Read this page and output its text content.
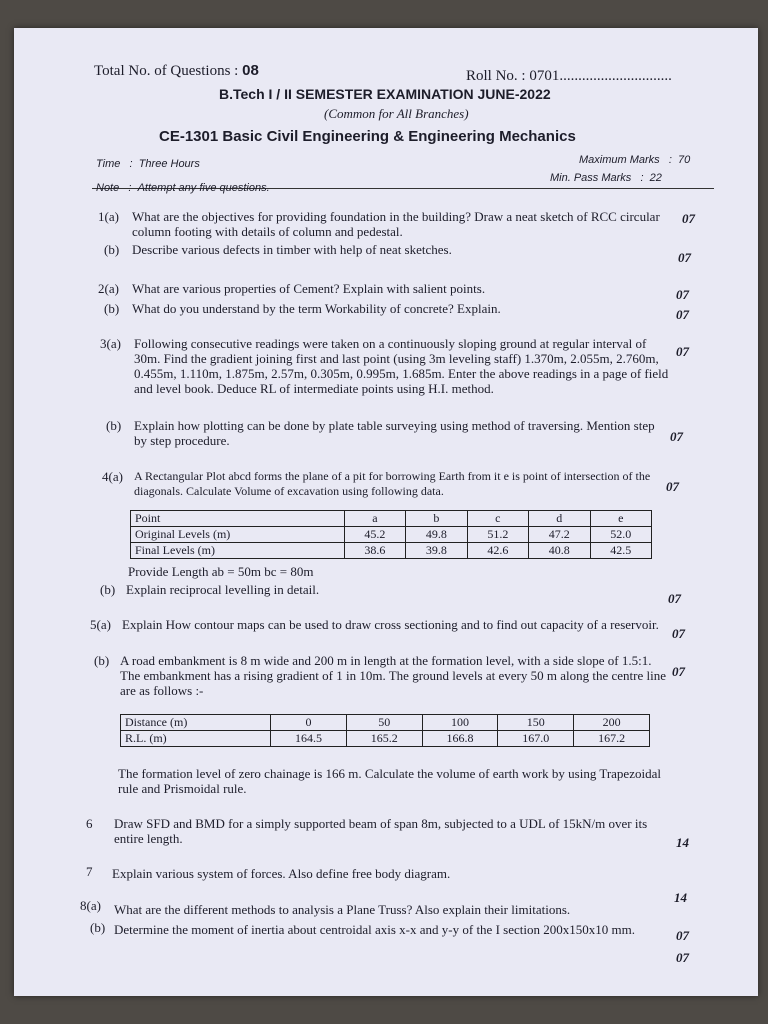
Total No. of Questions : 08	Roll No. : 0701..............................
B.Tech I / II SEMESTER EXAMINATION JUNE-2022
(Common for All Branches)
CE-1301 Basic Civil Engineering & Engineering Mechanics
Time   :  Three Hours	Maximum Marks   :  70
Min. Pass Marks   :  22
Note   :  Attempt any five questions.
1(a) What are the objectives for providing foundation in the building? Draw a neat sketch of RCC circular column footing with details of column and pedestal.
07
(b) Describe various defects in timber with help of neat sketches.
07
2(a) What are various properties of Cement? Explain with salient points.	07
(b) What do you understand by the term Workability of concrete? Explain.	07
3(a) Following consecutive readings were taken on a continuously sloping ground at regular interval of 30m. Find the gradient joining first and last point (using 3m leveling staff) 1.370m, 2.055m, 2.760m, 0.455m, 1.110m, 1.875m, 2.57m, 0.305m, 0.995m, 1.685m. Enter the above readings in a page of field and level book. Deduce RL of intermediate points using H.I. method.
07
(b) Explain how plotting can be done by plate table surveying using method of traversing. Mention step by step procedure.	07
4(a) A Rectangular Plot abcd forms the plane of a pit for borrowing Earth from it e is point of intersection of the diagonals. Calculate Volume of excavation using following data.	07
Point	a	b	c	d	e
Original Levels (m)	45.2	49.8	51.2	47.2	52.0
Final Levels (m)	38.6	39.8	42.6	40.8	42.5
Provide Length ab = 50m bc = 80m
(b) Explain reciprocal levelling in detail.
07
5(a) Explain How contour maps can be used to draw cross sectioning and to find out capacity of a reservoir.
07
(b) A road embankment is 8 m wide and 200 m in length at the formation level, with a side slope of 1.5:1. The embankment has a rising gradient of 1 in 10m. The ground levels at every 50 m along the centre line are as follows :-
07
Distance (m)	0	50	100	150	200
R.L. (m)	164.5	165.2	166.8	167.0	167.2
The formation level of zero chainage is 166 m. Calculate the volume of earth work by using Trapezoidal rule and Prismoidal rule.
6 Draw SFD and BMD for a simply supported beam of span 8m, subjected to a UDL of 15kN/m over its entire length.	14
7 Explain various system of forces. Also define free body diagram.
14
8(a) What are the different methods to analysis a Plane Truss? Also explain their limitations.
07
(b) Determine the moment of inertia about centroidal axis x-x and y-y of the I section 200x150x10 mm.
07
